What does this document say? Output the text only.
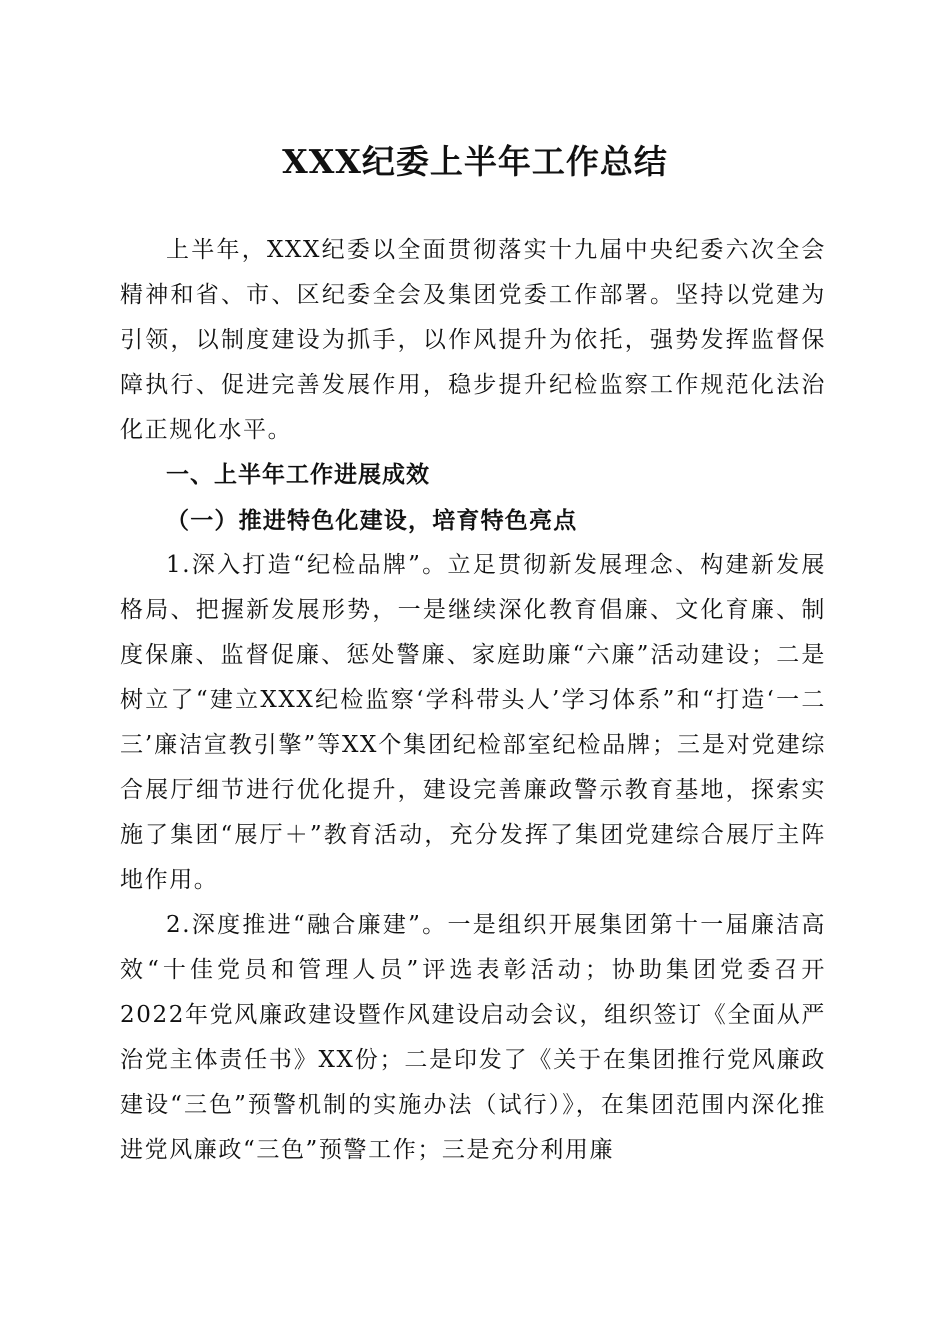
XXX纪委上半年工作总结

上半年，XXX纪委以全面贯彻落实十九届中央纪委六次全会精神和省、市、区纪委全会及集团党委工作部署。坚持以党建为引领，以制度建设为抓手，以作风提升为依托，强势发挥监督保障执行、促进完善发展作用，稳步提升纪检监察工作规范化法治化正规化水平。

一、上半年工作进展成效

（一）推进特色化建设，培育特色亮点

1.深入打造“纪检品牌”。立足贯彻新发展理念、构建新发展格局、把握新发展形势，一是继续深化教育倡廉、文化育廉、制度保廉、监督促廉、惩处警廉、家庭助廉“六廉”活动建设；二是树立了“建立XXX纪检监察‘学科带头人’学习体系”和“打造‘一二三’廉洁宣教引擎”等XX个集团纪检部室纪检品牌；三是对党建综合展厅细节进行优化提升，建设完善廉政警示教育基地，探索实施了集团“展厅＋”教育活动，充分发挥了集团党建综合展厅主阵地作用。

2.深度推进“融合廉建”。一是组织开展集团第十一届廉洁高效“十佳党员和管理人员”评选表彰活动；协助集团党委召开2022年党风廉政建设暨作风建设启动会议，组织签订《全面从严治党主体责任书》XX份；二是印发了《关于在集团推行党风廉政建设“三色”预警机制的实施办法（试行）》，在集团范围内深化推进党风廉政“三色”预警工作；三是充分利用廉
